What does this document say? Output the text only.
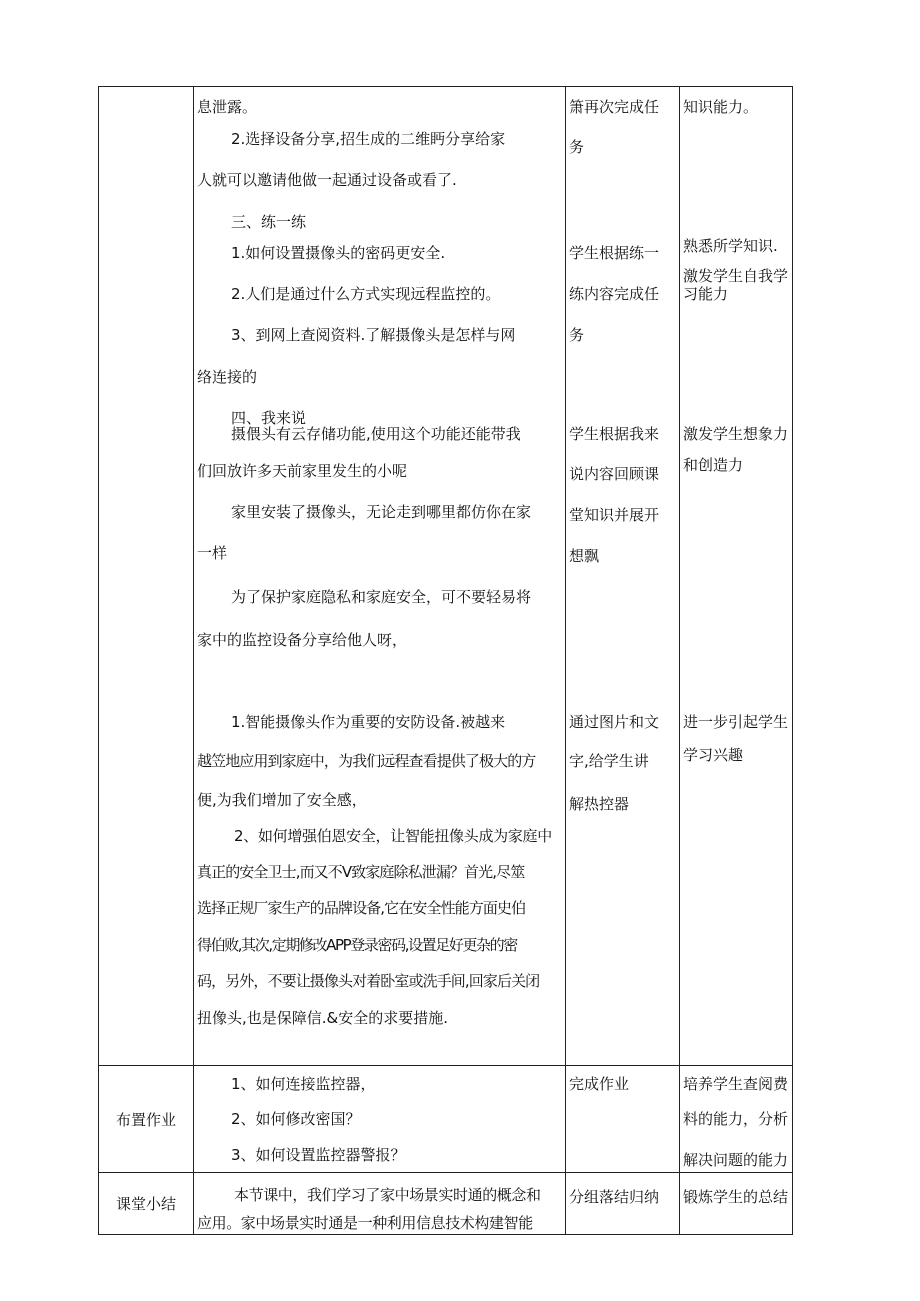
息泄露。
2.选择设备分享,招生成的二维眄分享给家
人就可以邀请他做一起通过设备或看了.
三、练一练
1.如何设置摄像头的密码更安全.
2.人们是通过什么方式实现远程监控的。
3、到网上查阅资料.了解摄像头是怎样与网
络连接的
四、我来说
摄偎头有云存储功能,使用这个功能还能带我
们回放许多天前家里发生的小呢
家里安装了摄像头，无论走到哪里都仿你在家
一样
为了保护家庭隐私和家庭安全，可不要轻易将
家中的监控设备分享给他人呀，
1.智能摄像头作为重要的安防设备.被越来
越笠地应用到家庭中，为我们远程查看提供了极大的方
便,为我们增加了安全感，
2、如何增强伯恩安全，让智能扭像头成为家庭中
真正的安全卫士,而又不V致家庭除私泄漏？首光,尽筮
选择正规厂家生产的品牌设备,它在安全性能方面史伯
得伯败,其次,定期修改APP登录密码,设置足好更杂的密
码，另外，不要让摄像头对着卧室或洗手间,回家后关闭
扭像头,也是保障信.&安全的求要措施.
箫再次完成任
务
学生根据练一
练内容完成任
务
学生根据我来
说内容回顾课
堂知识并展开
想飘
通过图片和文
字,给学生讲
解热控器
知识能力。
熟悉所学知识.
激发学生自我学
习能力
激发学生想象力
和创造力
进一步引起学生
学习兴趣
布置作业
1、如何连接监控器，
2、如何修改密国？
3、如何设置监控器警报？
完成作业	培养学生查阅费
料的能力，分析
解决问题的能力
课堂小结	本节课中，我们学习了家中场景实时通的概念和
应用。家中场景实时通是一种利用信息技术构建智能
分组落结归纳 锻炼学生的总结
